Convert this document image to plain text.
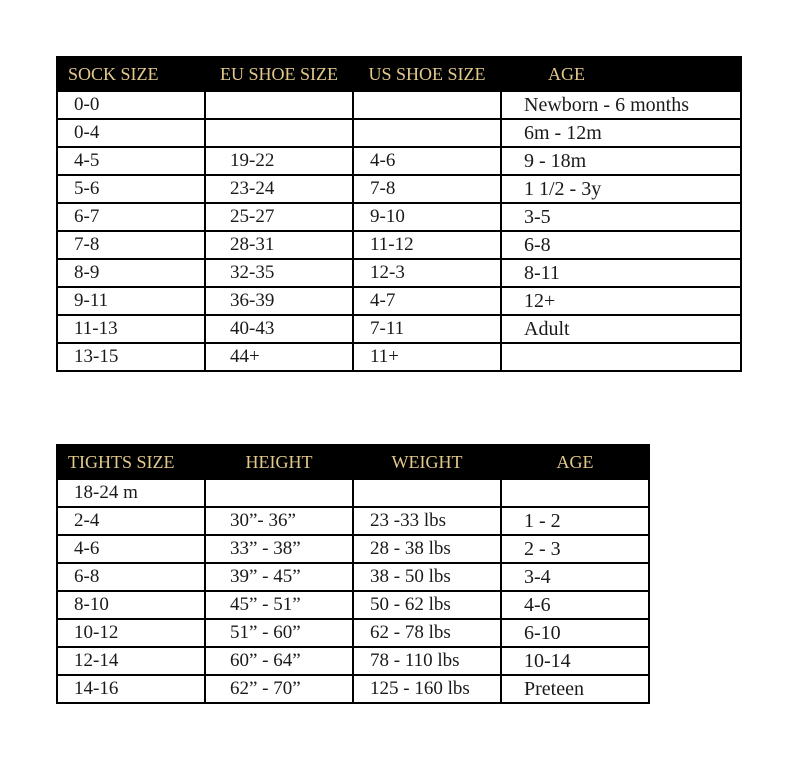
SOCK SIZE	EU SHOE SIZE	US SHOE SIZE	AGE
0-0			Newborn - 6 months
0-4			6m - 12m
4-5	19-22	4-6	9 - 18m
5-6	23-24	7-8	1 1/2 - 3y
6-7	25-27	9-10	3-5
7-8	28-31	11-12	6-8
8-9	32-35	12-3	8-11
9-11	36-39	4-7	12+
11-13	40-43	7-11	Adult
13-15	44+	11+	
TIGHTS SIZE	HEIGHT	WEIGHT	AGE
18-24 m			
2-4	30”- 36”	23 -33 lbs	1 - 2
4-6	33” - 38”	28 - 38 lbs	2 - 3
6-8	39” - 45”	38 - 50 lbs	3-4
8-10	45” - 51”	50 - 62 lbs	4-6
10-12	51” - 60”	62 - 78 lbs	6-10
12-14	60” - 64”	78 - 110 lbs	10-14
14-16	62” - 70”	125 - 160 lbs	Preteen
